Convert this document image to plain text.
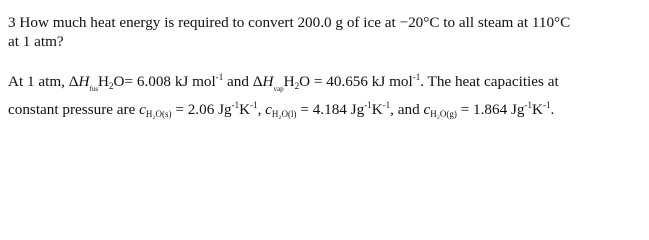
3 How much heat energy is required to convert 200.0 g of ice at −20°C to all steam at 110°C
at 1 atm?
At 1 atm, $\Delta H_{fus}H_2O= 6.008$ kJ mol$^{-1}$ and $\Delta H_{vap}H_2O = 40.656$ kJ mol$^{-1}$. The heat capacities at
constant pressure are $c_{H_2O(s)} = 2.06$ $Jg^{-1}K^{-1}$, $c_{H_2O(l)} = 4.184$ $Jg^{-1}K^{-1}$, and $c_{H_2O(g)} = 1.864$ $Jg^{-1}K^{-1}$.
